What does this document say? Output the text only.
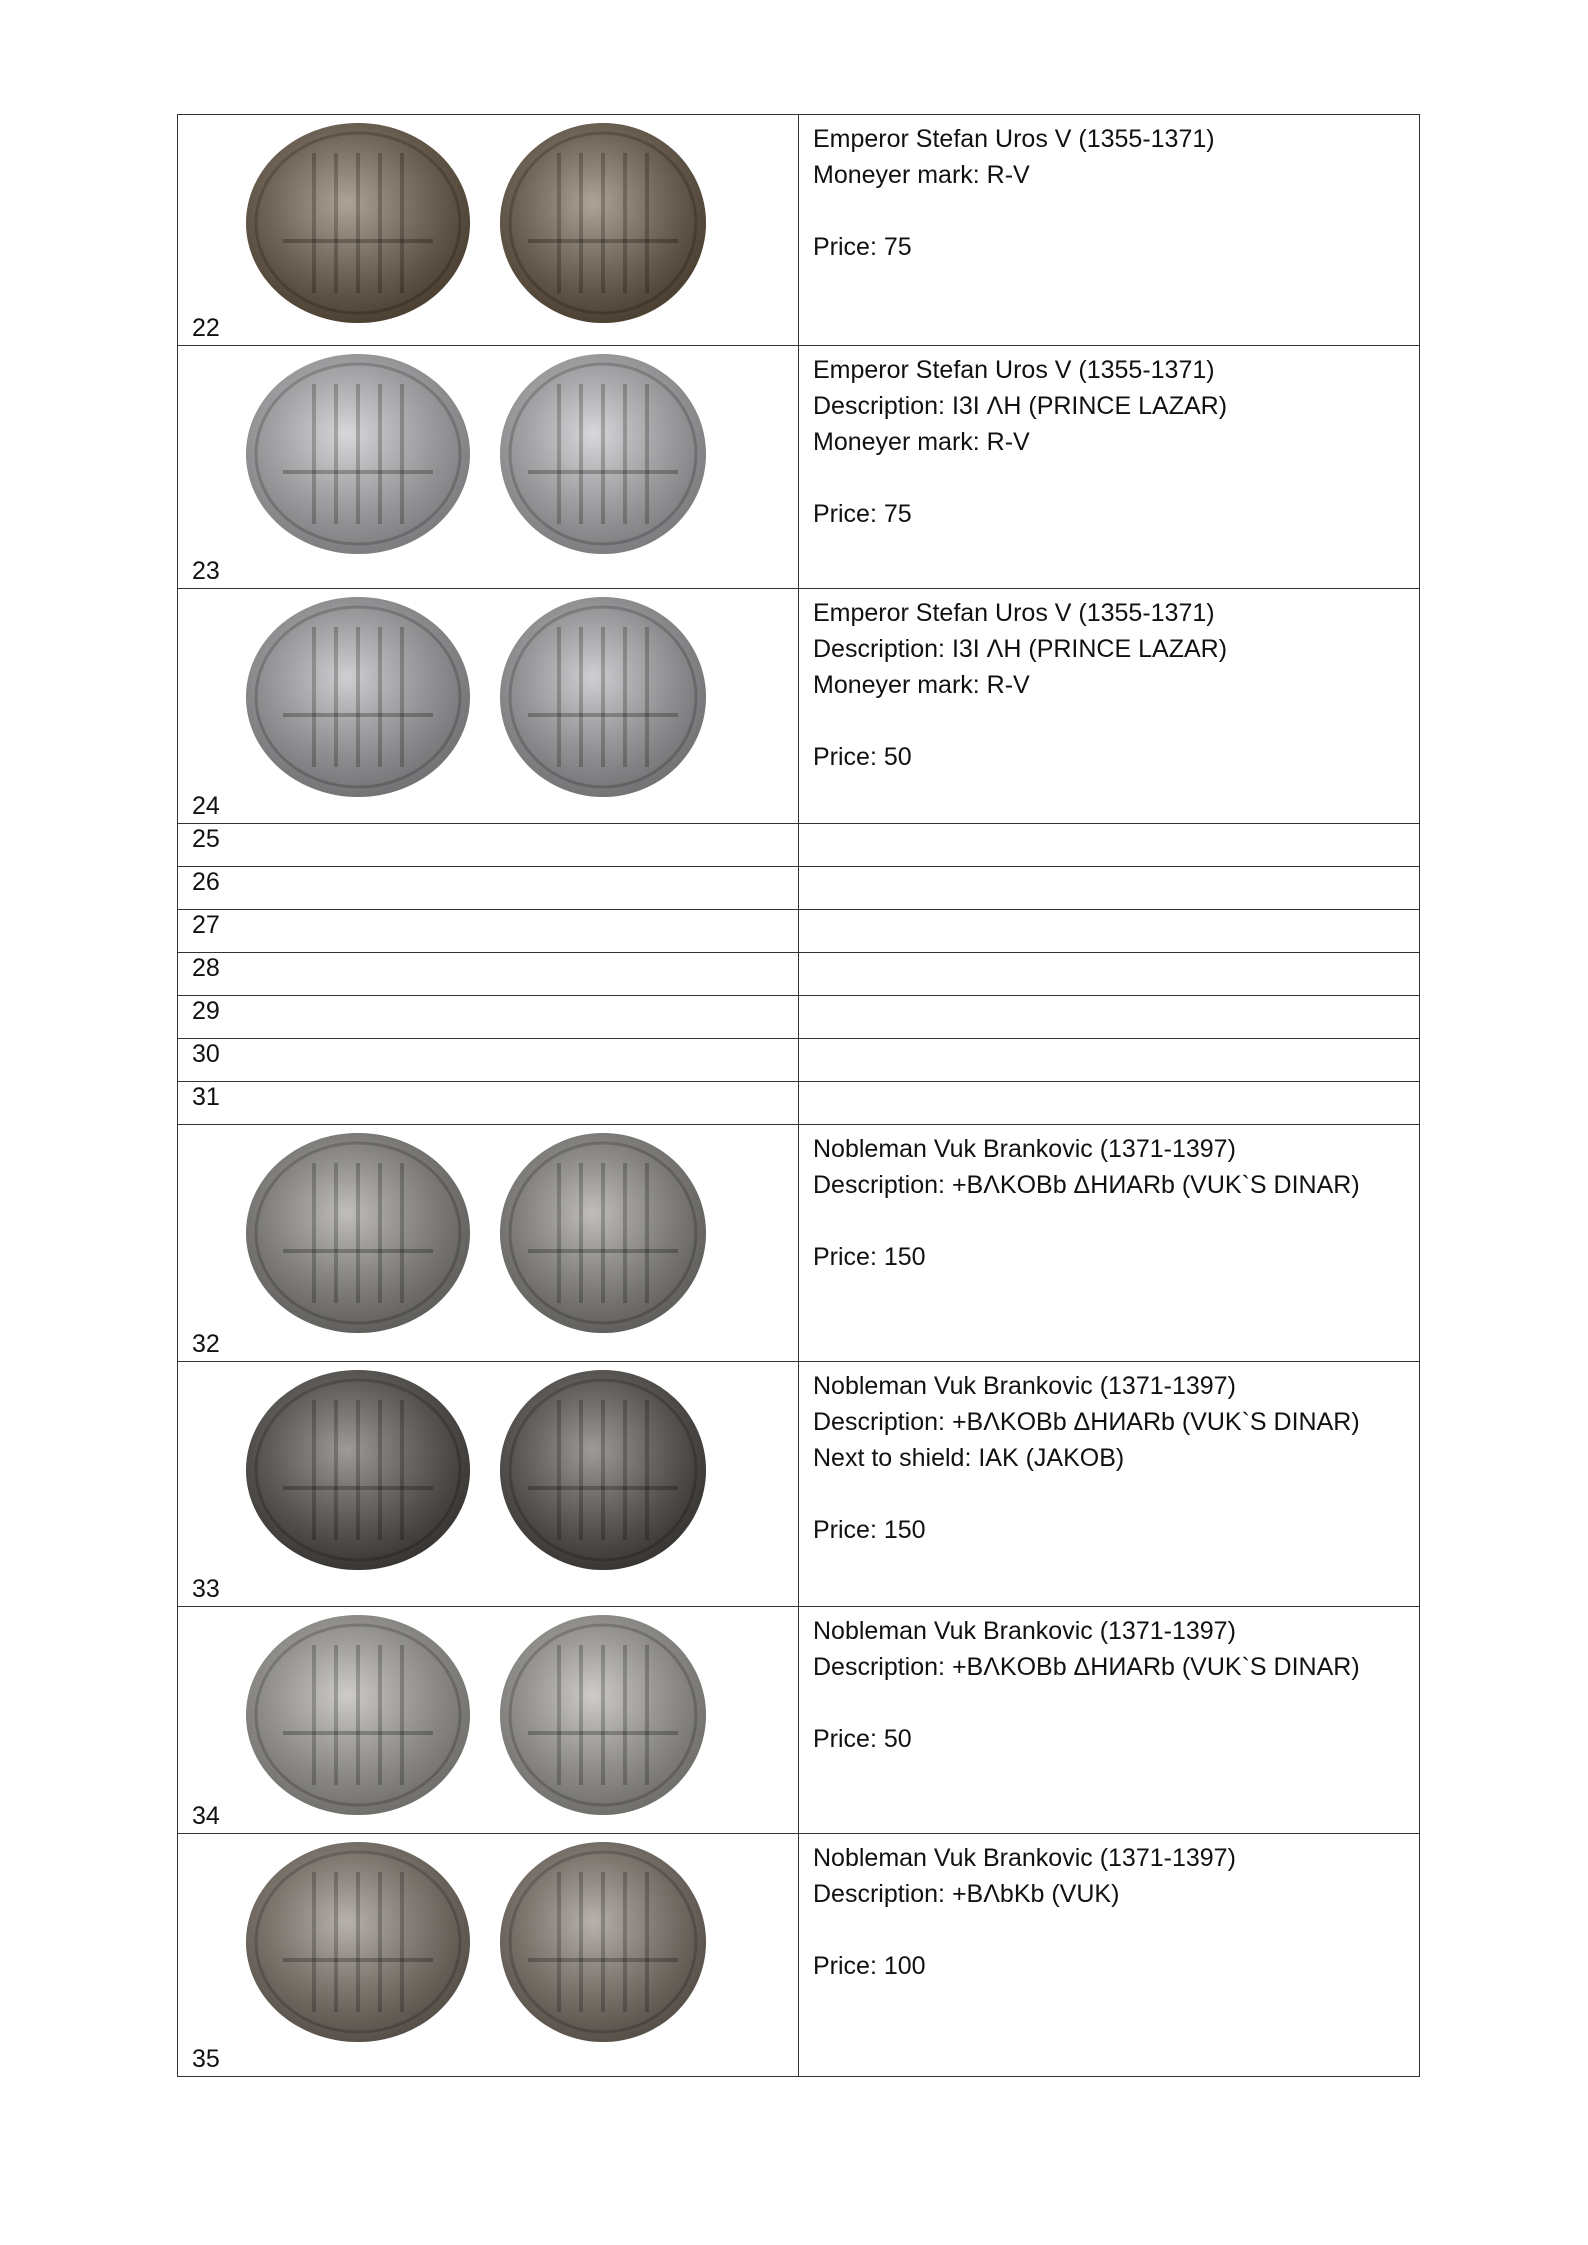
22	Emperor Stefan Uros V (1355-1371)
Moneyer mark: R-V
Price: 75

23	Emperor Stefan Uros V (1355-1371)
Description: I3I ΛH (PRINCE LAZAR)
Moneyer mark: R-V
Price: 75

24	Emperor Stefan Uros V (1355-1371)
Description: I3I ΛH (PRINCE LAZAR)
Moneyer mark: R-V
Price: 50

25	

26	

27	

28	

29	

30	

31	

32	Nobleman Vuk Brankovic (1371-1397)
Description: +BΛKOBb ΔHИARb (VUK`S DINAR)
Price: 150

33	Nobleman Vuk Brankovic (1371-1397)
Description: +BΛKOBb ΔHИARb (VUK`S DINAR)
Next to shield: IAK (JAKOB)
Price: 150

34	Nobleman Vuk Brankovic (1371-1397)
Description: +BΛKOBb ΔHИARb (VUK`S DINAR)
Price: 50

35	Nobleman Vuk Brankovic (1371-1397)
Description: +BΛbKb (VUK)
Price: 100
